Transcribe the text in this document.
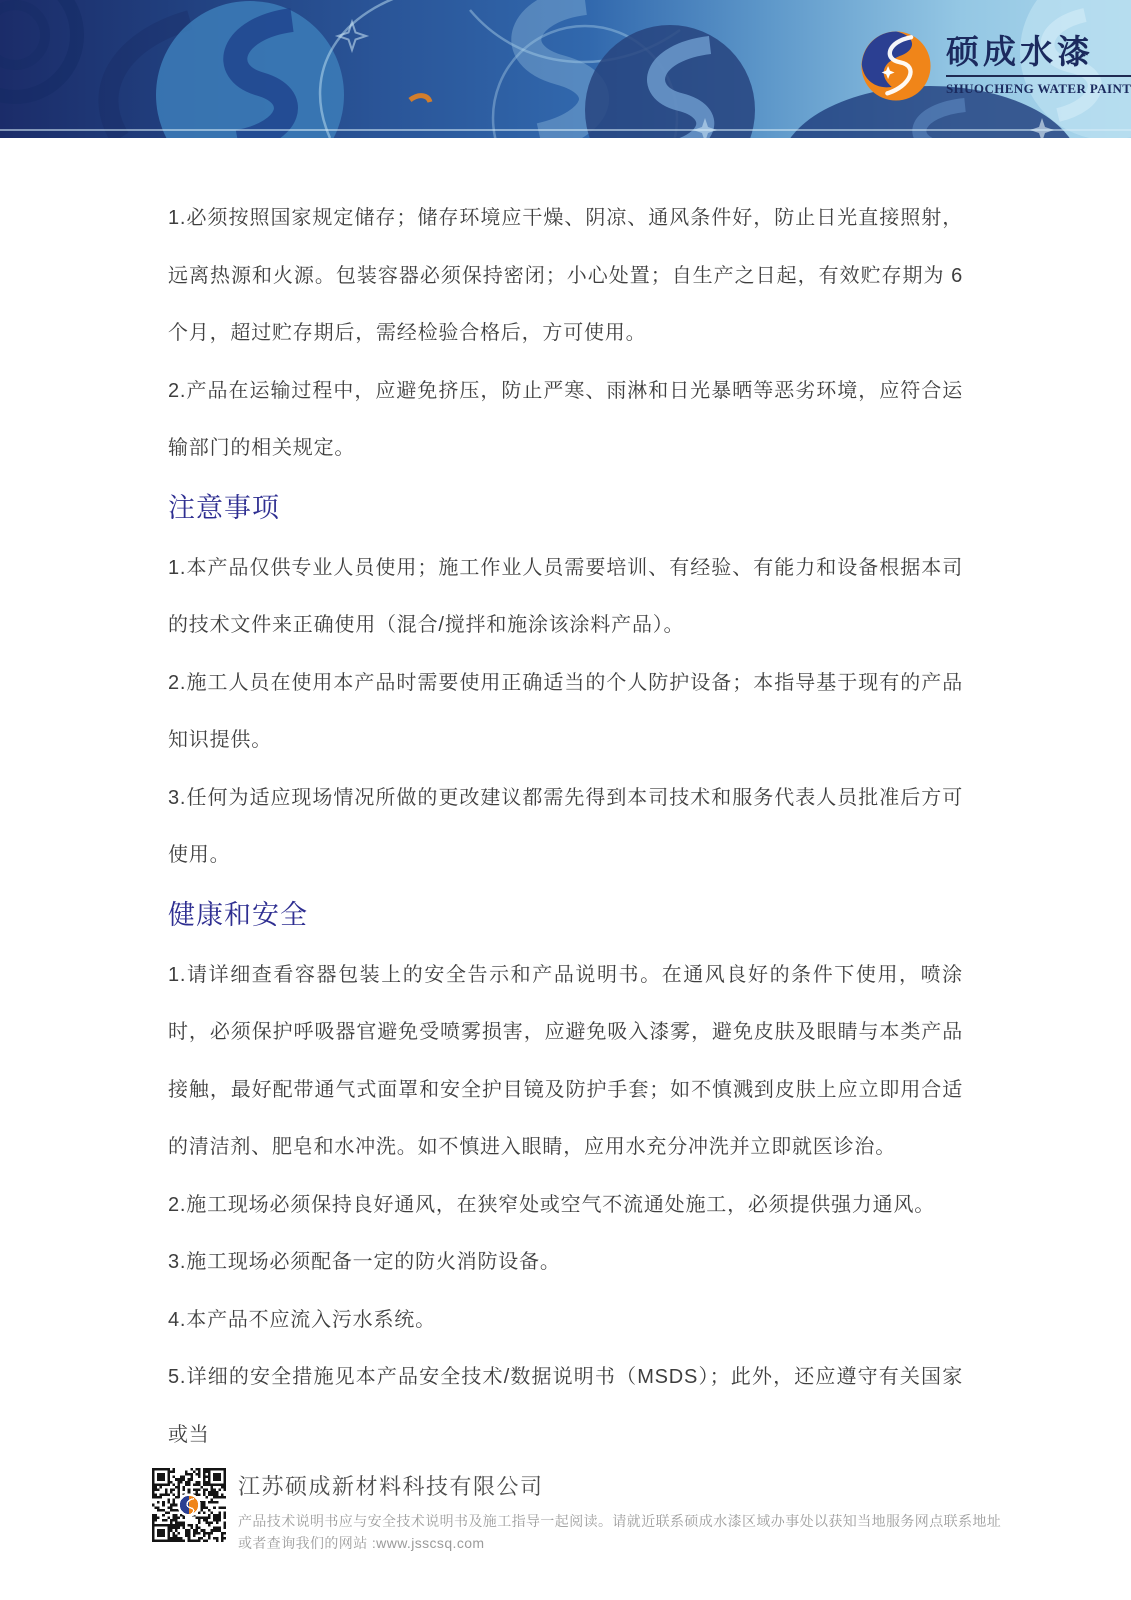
硕成水漆
SHUOCHENG WATER PAINT

1.必须按照国家规定储存；储存环境应干燥、阴凉、通风条件好，防止日光直接照射，远离热源和火源。包装容器必须保持密闭；小心处置；自生产之日起，有效贮存期为 6 个月，超过贮存期后，需经检验合格后，方可使用。

2.产品在运输过程中，应避免挤压，防止严寒、雨淋和日光暴晒等恶劣环境，应符合运输部门的相关规定。

注意事项

1.本产品仅供专业人员使用；施工作业人员需要培训、有经验、有能力和设备根据本司的技术文件来正确使用（混合/搅拌和施涂该涂料产品）。

2.施工人员在使用本产品时需要使用正确适当的个人防护设备；本指导基于现有的产品知识提供。

3.任何为适应现场情况所做的更改建议都需先得到本司技术和服务代表人员批准后方可使用。

健康和安全

1.请详细查看容器包装上的安全告示和产品说明书。在通风良好的条件下使用，喷涂时，必须保护呼吸器官避免受喷雾损害，应避免吸入漆雾，避免皮肤及眼睛与本类产品接触，最好配带通气式面罩和安全护目镜及防护手套；如不慎溅到皮肤上应立即用合适的清洁剂、肥皂和水冲洗。如不慎进入眼睛，应用水充分冲洗并立即就医诊治。

2.施工现场必须保持良好通风，在狭窄处或空气不流通处施工，必须提供强力通风。

3.施工现场必须配备一定的防火消防设备。

4.本产品不应流入污水系统。

5.详细的安全措施见本产品安全技术/数据说明书（MSDS）；此外，还应遵守有关国家或当

江苏硕成新材料科技有限公司

产品技术说明书应与安全技术说明书及施工指导一起阅读。请就近联系硕成水漆区域办事处以获知当地服务网点联系地址

或者查询我们的网站 :www.jsscsq.com
